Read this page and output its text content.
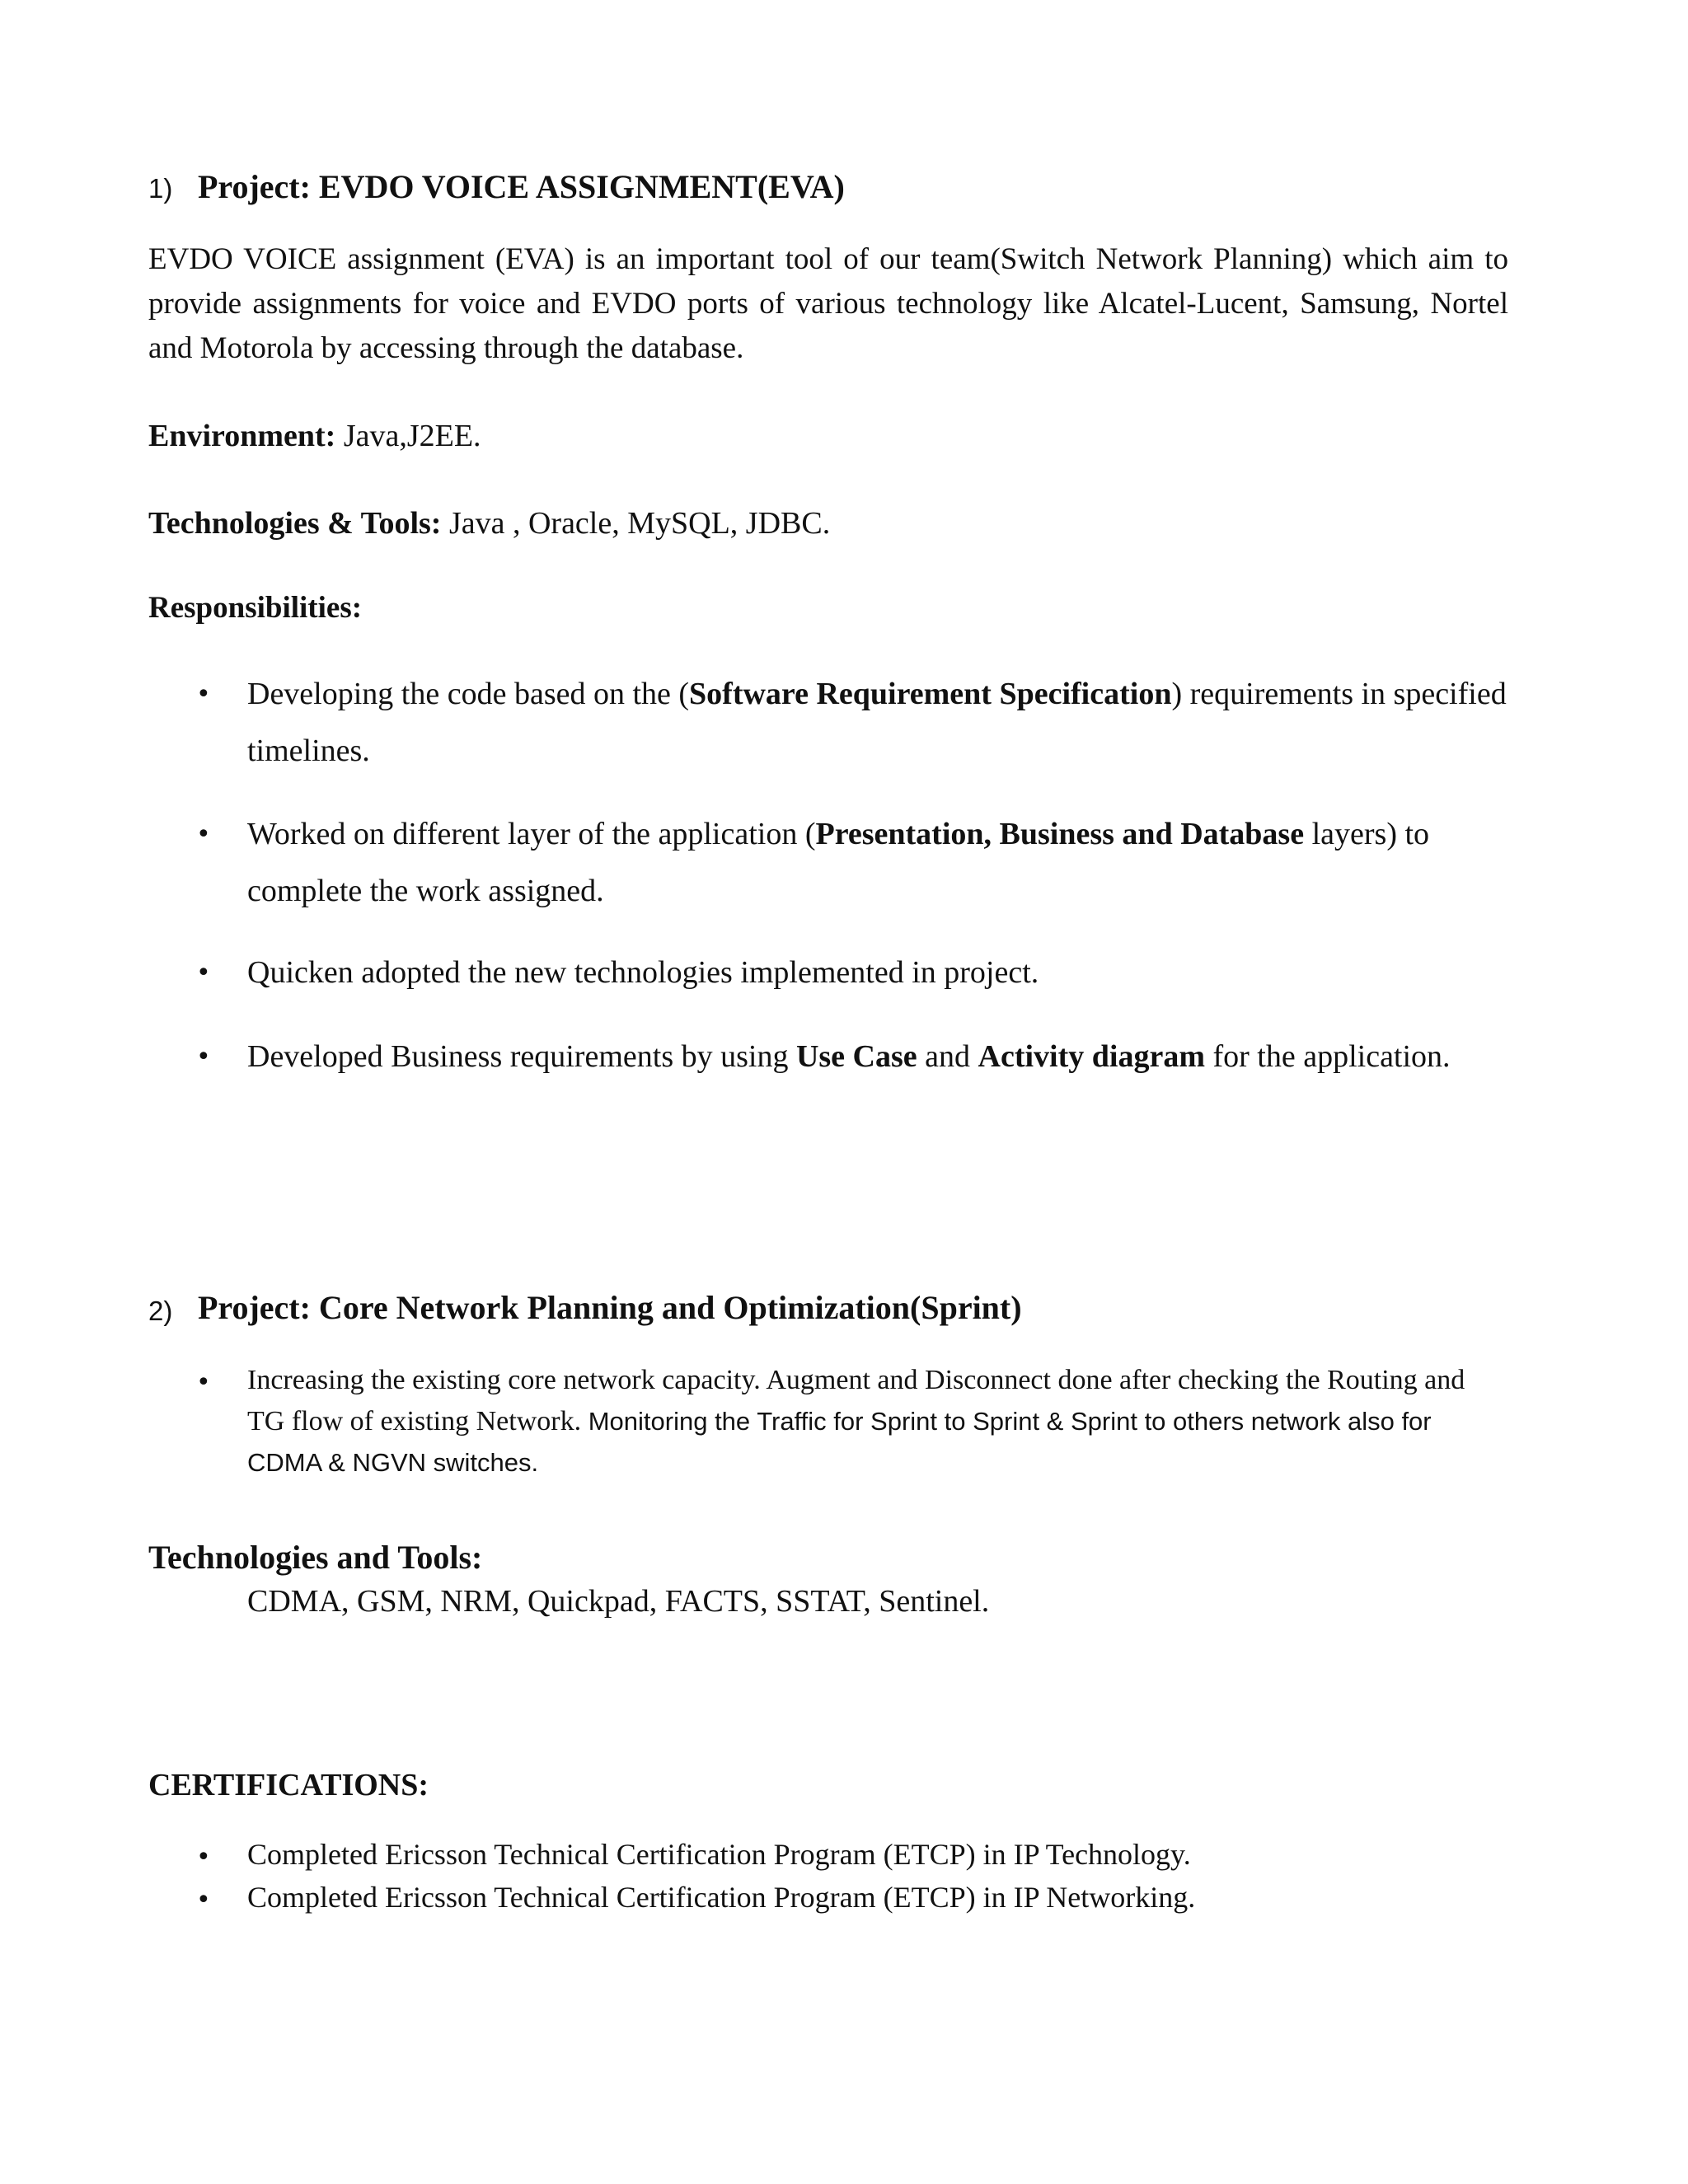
1) Project: EVDO VOICE ASSIGNMENT(EVA)
EVDO VOICE assignment (EVA) is an important tool of our team(Switch Network Planning) which aim to provide assignments for voice and EVDO ports of various technology like Alcatel-Lucent, Samsung, Nortel and Motorola by accessing through the database.
Environment: Java,J2EE.
Technologies & Tools: Java , Oracle, MySQL, JDBC.
Responsibilities:
• Developing the code based on the (Software Requirement Specification) requirements in specified timelines.
• Worked on different layer of the application (Presentation, Business and Database layers) to complete the work assigned.
• Quicken adopted the new technologies implemented in project.
• Developed Business requirements by using Use Case and Activity diagram for the application.
2) Project: Core Network Planning and Optimization(Sprint)
• Increasing the existing core network capacity. Augment and Disconnect done after checking the Routing and TG flow of existing Network. Monitoring the Traffic for Sprint to Sprint & Sprint to others network also for CDMA & NGVN switches.
Technologies and Tools:
CDMA, GSM, NRM, Quickpad, FACTS, SSTAT, Sentinel.
CERTIFICATIONS:
• Completed Ericsson Technical Certification Program (ETCP) in IP Technology.
• Completed Ericsson Technical Certification Program (ETCP) in IP Networking.
